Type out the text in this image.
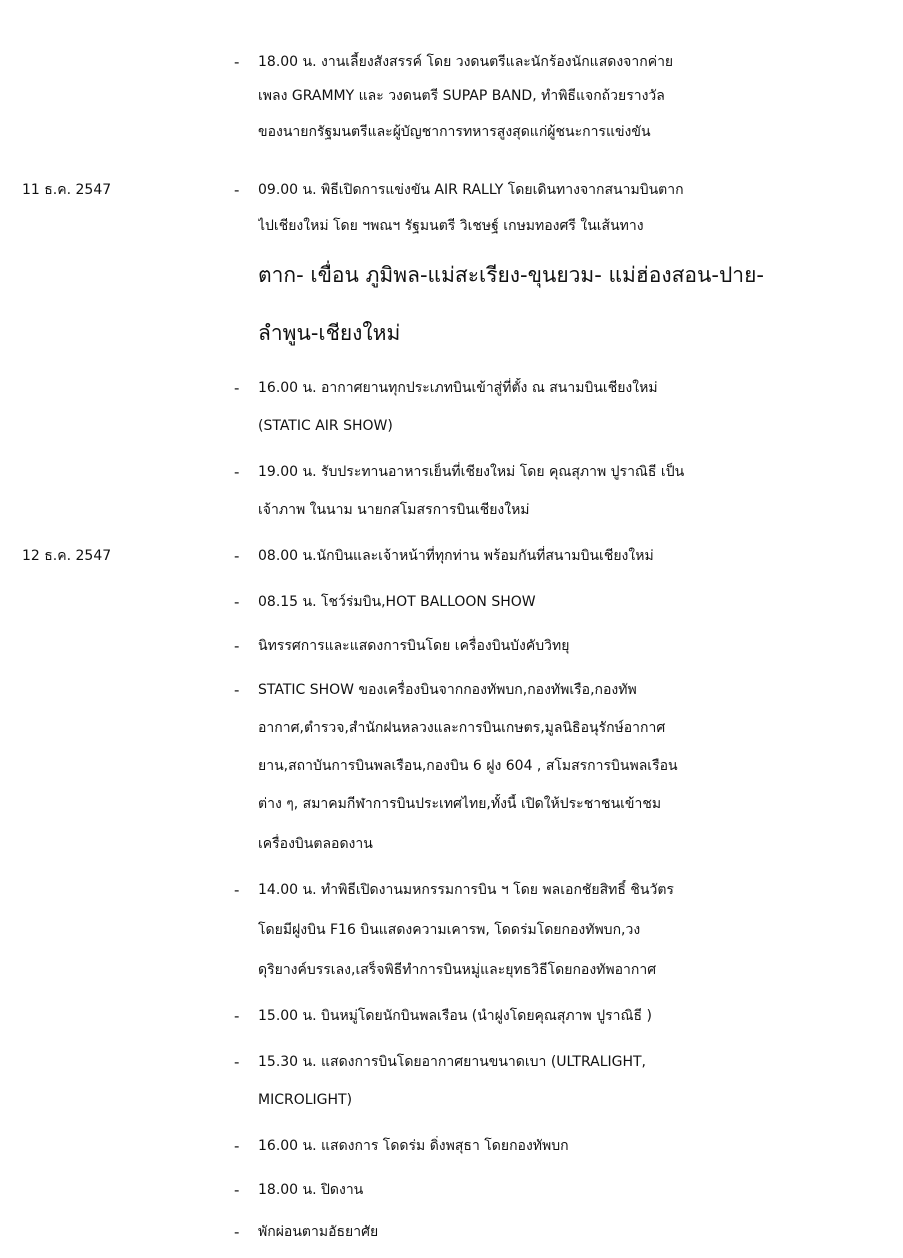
- 18.00 น. งานเลี้ยงสังสรรค์ โดย วงดนตรีและนักร้องนักแสดงจากค่าย
เพลง GRAMMY และ วงดนตรี SUPAP BAND, ทำพิธีแจกถ้วยรางวัล
ของนายกรัฐมนตรีและผู้บัญชาการทหารสูงสุดแก่ผู้ชนะการแข่งขัน
11 ธ.ค. 2547	- 09.00 น. พิธีเปิดการแข่งขัน AIR RALLY โดยเดินทางจากสนามบินตาก
ไปเชียงใหม่ โดย ฯพณฯ รัฐมนตรี วิเชษฐ์ เกษมทองศรี ในเส้นทาง
ตาก- เขื่อน ภูมิพล-แม่สะเรียง-ขุนยวม- แม่ฮ่องสอน-ปาย-
ลำพูน-เชียงใหม่
- 16.00 น. อากาศยานทุกประเภทบินเข้าสู่ที่ตั้ง ณ สนามบินเชียงใหม่
(STATIC AIR SHOW)
- 19.00 น. รับประทานอาหารเย็นที่เชียงใหม่ โดย คุณสุภาพ ปูราณิธี เป็น
เจ้าภาพ ในนาม นายกสโมสรการบินเชียงใหม่
12 ธ.ค. 2547	- 08.00 น.นักบินและเจ้าหน้าที่ทุกท่าน พร้อมกันที่สนามบินเชียงใหม่
- 08.15 น. โชว์ร่มบิน,HOT BALLOON SHOW
- นิทรรศการและแสดงการบินโดย เครื่องบินบังคับวิทยุ
- STATIC SHOW ของเครื่องบินจากกองทัพบก,กองทัพเรือ,กองทัพ
อากาศ,ตำรวจ,สำนักฝนหลวงและการบินเกษตร,มูลนิธิอนุรักษ์อากาศ
ยาน,สถาบันการบินพลเรือน,กองบิน 6 ฝูง 604 , สโมสรการบินพลเรือน
ต่าง ๆ, สมาคมกีฬาการบินประเทศไทย,ทั้งนี้ เปิดให้ประชาชนเข้าชม
เครื่องบินตลอดงาน
- 14.00 น. ทำพิธีเปิดงานมหกรรมการบิน ฯ โดย พลเอกชัยสิทธิ์ ชินวัตร
โดยมีฝูงบิน F16 บินแสดงความเคารพ, โดดร่มโดยกองทัพบก,วง
ดุริยางค์บรรเลง,เสร็จพิธีทำการบินหมู่และยุทธวิธีโดยกองทัพอากาศ
- 15.00 น. บินหมู่โดยนักบินพลเรือน (นำฝูงโดยคุณสุภาพ ปูราณิธี )
- 15.30 น. แสดงการบินโดยอากาศยานขนาดเบา (ULTRALIGHT,
MICROLIGHT)
- 16.00 น. แสดงการ โดดร่ม ดิ่งพสุธา โดยกองทัพบก
- 18.00 น. ปิดงาน
- พักผ่อนตามอัธยาศัย
